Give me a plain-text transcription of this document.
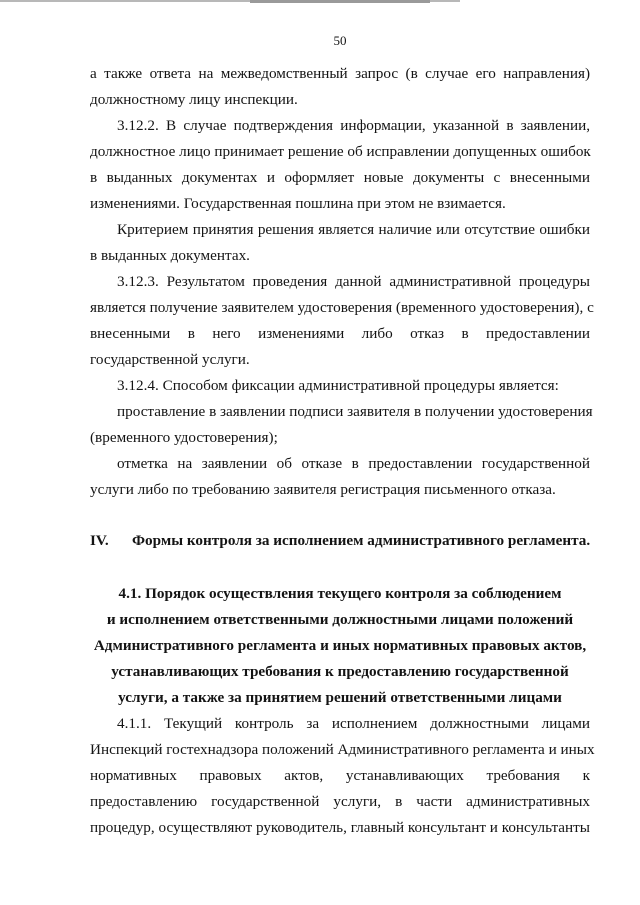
50
а также ответа на межведомственный запрос (в случае его направления)
должностному лицу инспекции.
3.12.2. В случае подтверждения информации, указанной в заявлении,
должностное лицо принимает решение об исправлении допущенных ошибок
в выданных документах и оформляет новые документы с внесенными
изменениями. Государственная пошлина при этом не взимается.
Критерием принятия решения является наличие или отсутствие ошибки
в выданных документах.
3.12.3. Результатом проведения данной административной процедуры
является получение заявителем удостоверения (временного удостоверения), с
внесенными в него изменениями либо отказ в предоставлении
государственной услуги.
3.12.4. Способом фиксации административной процедуры является:
проставление в заявлении подписи заявителя в получении удостоверения
(временного удостоверения);
отметка на заявлении об отказе в предоставлении государственной
услуги либо по требованию заявителя регистрация письменного отказа.
IV. Формы контроля за исполнением административного регламента.
4.1. Порядок осуществления текущего контроля за соблюдением
и исполнением ответственными должностными лицами положений
Административного регламента и иных нормативных правовых актов,
устанавливающих требования к предоставлению государственной
услуги, а также за принятием решений ответственными лицами
4.1.1. Текущий контроль за исполнением должностными лицами
Инспекций гостехнадзора положений Административного регламента и иных
нормативных правовых актов, устанавливающих требования к
предоставлению государственной услуги, в части административных
процедур, осуществляют руководитель, главный консультант и консультанты
